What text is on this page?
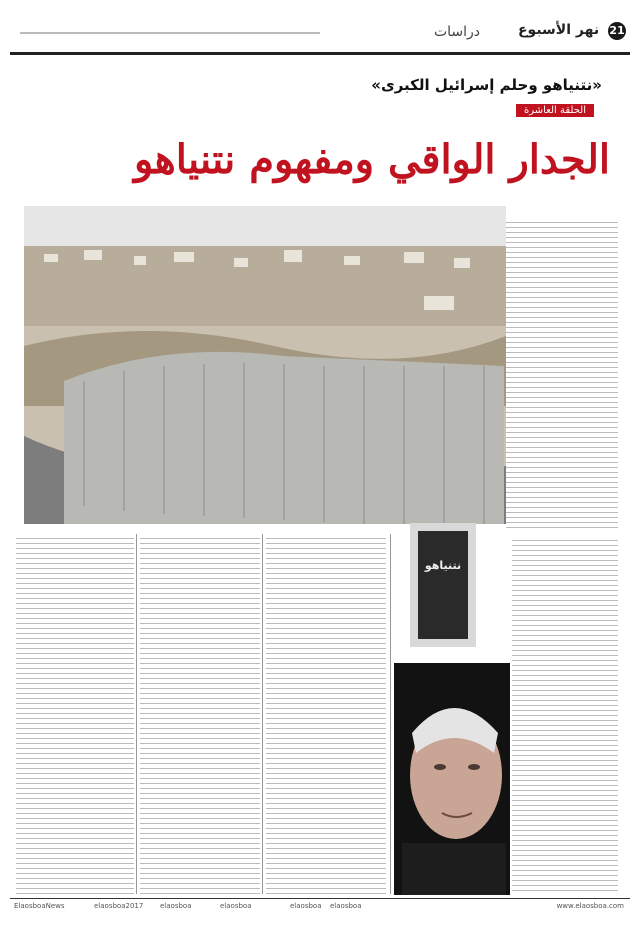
21 نهر الأسبوع
دراسات
«نتنياهو وحلم إسرائيل الكبرى»
الحلقة العاشرة
الجدار الواقي ومفهوم نتنياهو
نتنياهو
ElaosboaNews	elaosboa2017 elaosboa	elaosboa	elaosboa elaosboa	www.elaosboa.com
